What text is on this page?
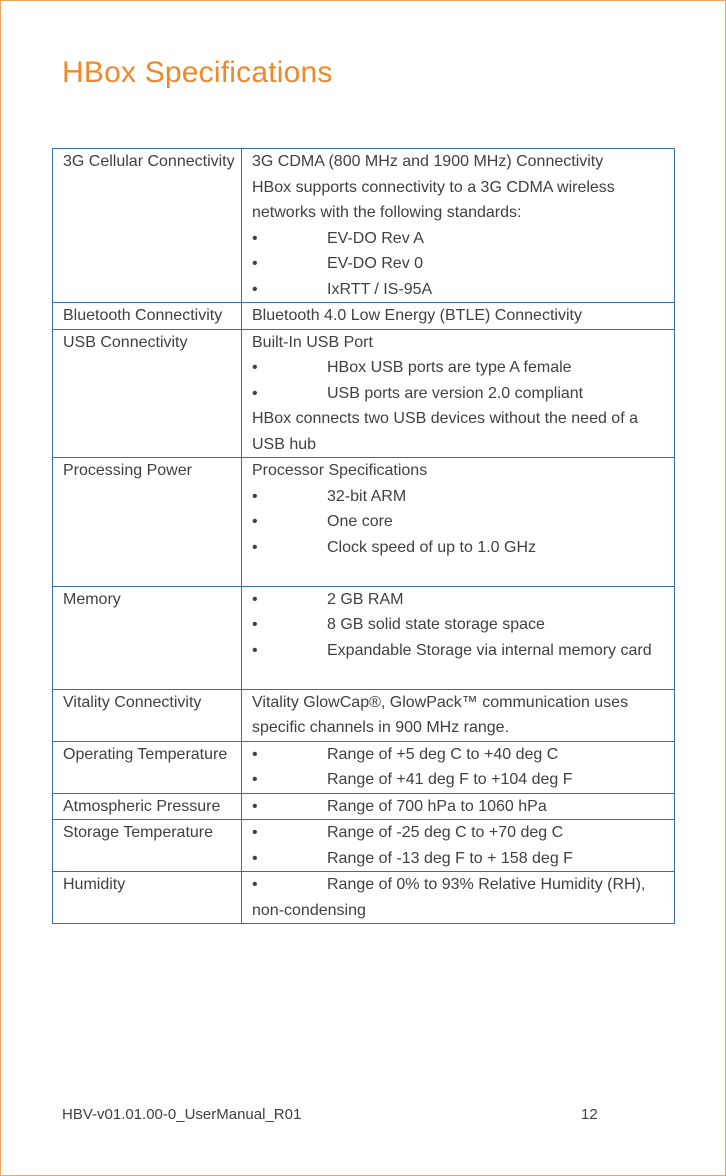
HBox Specifications
3G Cellular Connectivity	3G CDMA (800 MHz and 1900 MHz) Connectivity
HBox supports connectivity to a 3G CDMA wireless networks with the following standards:
• EV-DO Rev A
• EV-DO Rev 0
• IxRTT / IS-95A

Bluetooth Connectivity	Bluetooth 4.0 Low Energy (BTLE) Connectivity

USB Connectivity	Built-In USB Port
• HBox USB ports are type A female
• USB ports are version 2.0 compliant
HBox connects two USB devices without the need of a USB hub

Processing Power	Processor Specifications
• 32-bit ARM
• One core
• Clock speed of up to 1.0 GHz

Memory	• 2 GB RAM
• 8 GB solid state storage space
• Expandable Storage via internal memory card

Vitality Connectivity	Vitality GlowCap®, GlowPack™ communication uses specific channels in 900 MHz range.

Operating Temperature	• Range of +5 deg C to +40 deg C
• Range of +41 deg F to +104 deg F

Atmospheric Pressure	• Range of 700 hPa to 1060 hPa

Storage Temperature	• Range of -25 deg C to +70 deg C
• Range of -13 deg F to + 158 deg F

Humidity	• Range of 0% to 93% Relative Humidity (RH), non-condensing
HBV-v01.01.00-0_UserManual_R01	12
